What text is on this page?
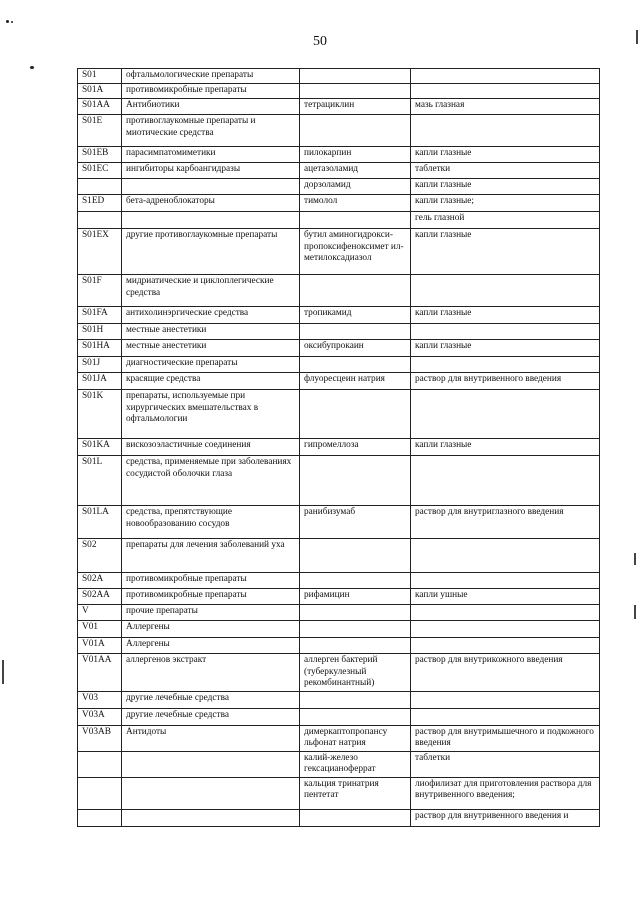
50
S01	офтальмологические препараты		
S01A	противомикробные препараты		
S01AA	Антибиотики	тетрациклин	мазь глазная
S01E	противоглаукомные препараты и миотические средства		
S01EB	парасимпатомиметики	пилокарпин	капли глазные
S01EC	ингибиторы карбоангидразы	ацетазоламид	таблетки
		дорзоламид	капли глазные
S1ED	бета-адреноблокаторы	тимолол	капли глазные;
			гель глазной
S01EX	другие противоглаукомные препараты	бутил аминогидрокси-пропоксифеноксимет ил-метилоксадиазол	капли глазные
S01F	мидриатические и циклоплегические средства		
S01FA	антихолинэргические средства	тропикамид	капли глазные
S01H	местные анестетики		
S01HA	местные анестетики	оксибупрокаин	капли глазные
S01J	диагностические препараты		
S01JA	красящие средства	флуоресцеин натрия	раствор для внутривенного введения
S01K	препараты, используемые при хирургических вмешательствах в офтальмологии		
S01KA	вискозоэластичные соединения	гипромеллоза	капли глазные
S01L	средства, применяемые при заболеваниях сосудистой оболочки глаза		
S01LA	средства, препятствующие новообразованию сосудов	ранибизумаб	раствор для внутриглазного введения
S02	препараты для лечения заболеваний уха		
S02A	противомикробные препараты		
S02AA	противомикробные препараты	рифамицин	капли ушные
V	прочие препараты		
V01	Аллергены		
V01A	Аллергены		
V01AA	аллергенов экстракт	аллерген бактерий (туберкулезный рекомбинантный)	раствор для внутрикожного введения
V03	другие лечебные средства		
V03A	другие лечебные средства		
V03AB	Антидоты	димеркаптопропансу льфонат натрия	раствор для внутримышечного и подкожного введения
		калий-железо гексацианоферрат	таблетки
		кальция тринатрия пентетат	лиофилизат для приготовления раствора для внутривенного введения;
			раствор для внутривенного введения и
